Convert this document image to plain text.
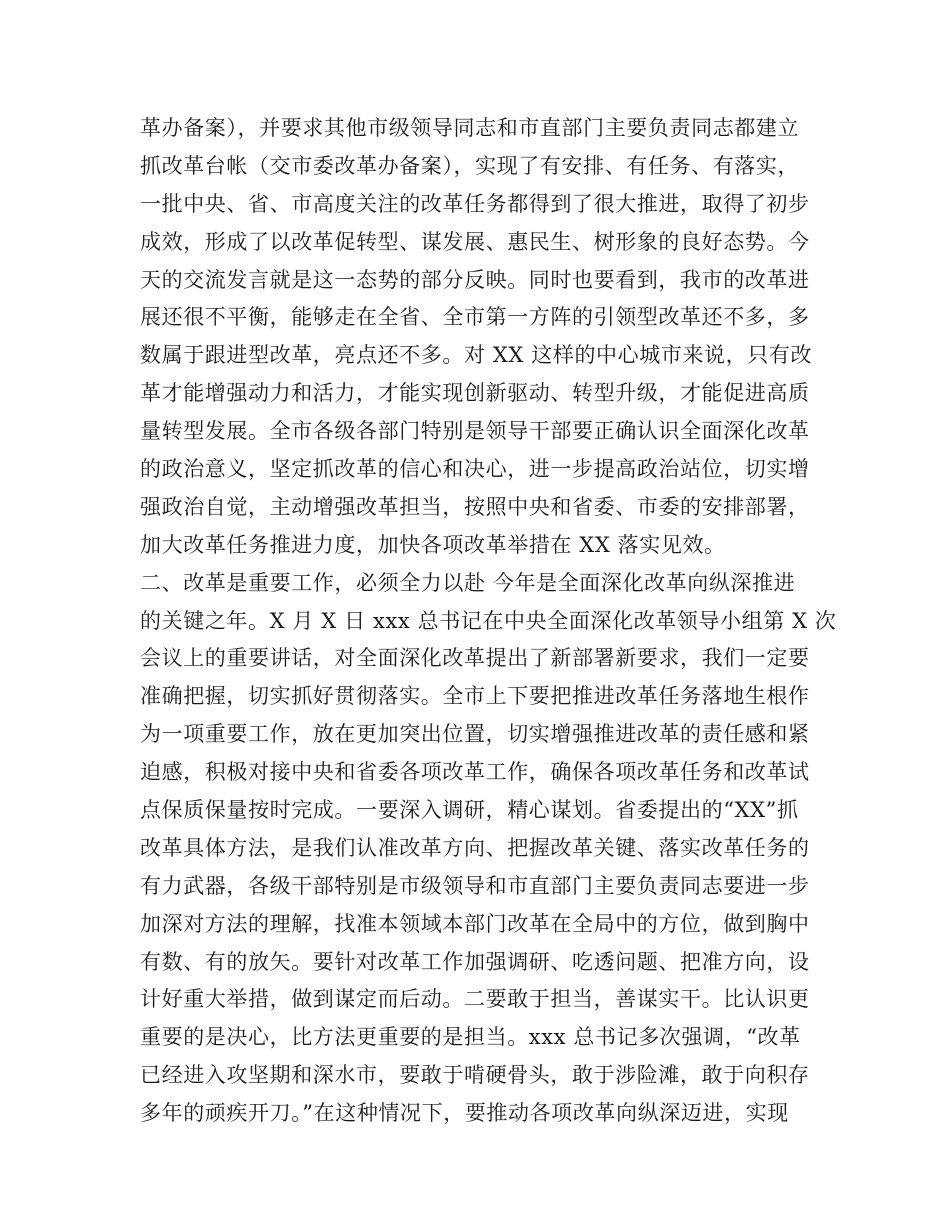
革办备案），并要求其他市级领导同志和市直部门主要负责同志都建立
抓改革台帐（交市委改革办备案），实现了有安排、有任务、有落实，
一批中央、省、市高度关注的改革任务都得到了很大推进，取得了初步
成效，形成了以改革促转型、谋发展、惠民生、树形象的良好态势。今
天的交流发言就是这一态势的部分反映。同时也要看到，我市的改革进
展还很不平衡，能够走在全省、全市第一方阵的引领型改革还不多，多
数属于跟进型改革，亮点还不多。对 XX 这样的中心城市来说，只有改
革才能增强动力和活力，才能实现创新驱动、转型升级，才能促进高质
量转型发展。全市各级各部门特别是领导干部要正确认识全面深化改革
的政治意义，坚定抓改革的信心和决心，进一步提高政治站位，切实增
强政治自觉，主动增强改革担当，按照中央和省委、市委的安排部署，
加大改革任务推进力度，加快各项改革举措在 XX 落实见效。
二、改革是重要工作，必须全力以赴 今年是全面深化改革向纵深推进
的关键之年。X 月 X 日 xxx 总书记在中央全面深化改革领导小组第 X 次
会议上的重要讲话，对全面深化改革提出了新部署新要求，我们一定要
准确把握，切实抓好贯彻落实。全市上下要把推进改革任务落地生根作
为一项重要工作，放在更加突出位置，切实增强推进改革的责任感和紧
迫感，积极对接中央和省委各项改革工作，确保各项改革任务和改革试
点保质保量按时完成。一要深入调研，精心谋划。省委提出的“XX”抓
改革具体方法，是我们认准改革方向、把握改革关键、落实改革任务的
有力武器，各级干部特别是市级领导和市直部门主要负责同志要进一步
加深对方法的理解，找准本领域本部门改革在全局中的方位，做到胸中
有数、有的放矢。要针对改革工作加强调研、吃透问题、把准方向，设
计好重大举措，做到谋定而后动。二要敢于担当，善谋实干。比认识更
重要的是决心，比方法更重要的是担当。xxx 总书记多次强调，“改革
已经进入攻坚期和深水市，要敢于啃硬骨头，敢于涉险滩，敢于向积存
多年的顽疾开刀。”在这种情况下，要推动各项改革向纵深迈进，实现
